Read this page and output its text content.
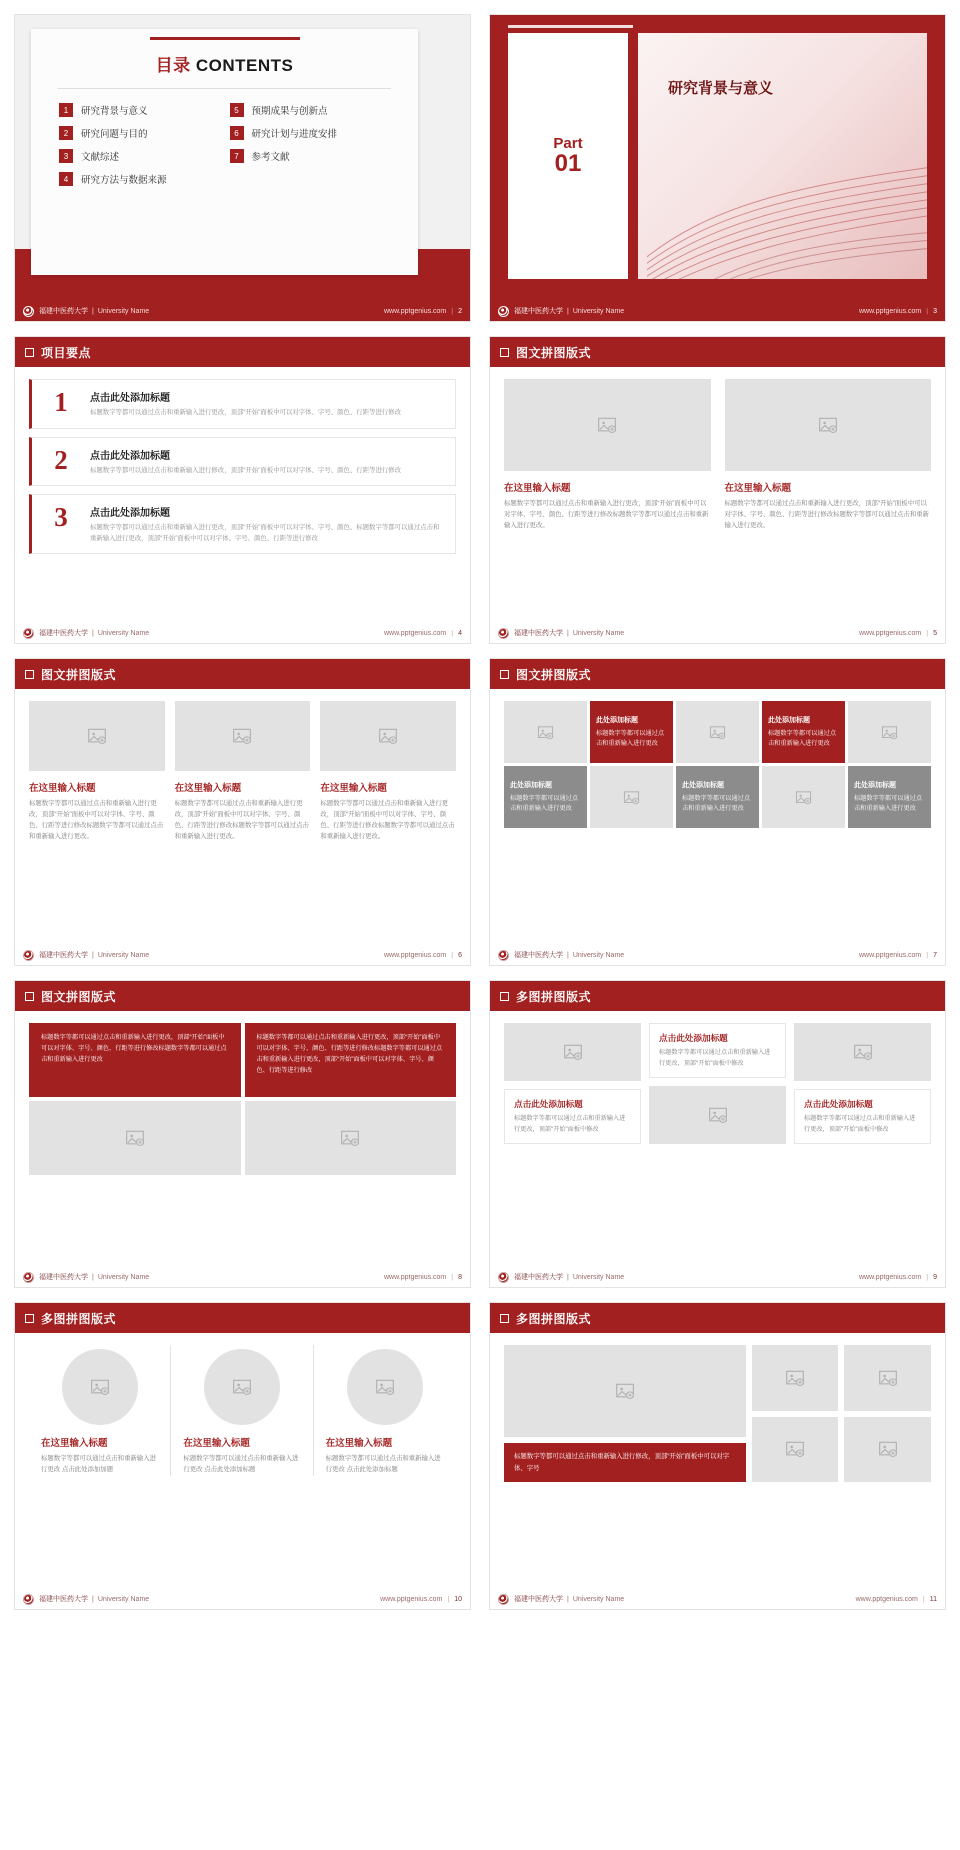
目录 CONTENTS
1	研究背景与意义	5	预期成果与创新点
2	研究问题与目的	6	研究计划与进度安排
3	文献综述	7	参考文献
4	研究方法与数据来源
福建中医药大学 | University Name	www.pptgenius.com | 2
Part
01
研究背景与意义
福建中医药大学 | University Name	www.pptgenius.com | 3
项目要点
1	点击此处添加标题

标题数字等都可以通过点击和重新输入进行更改，顶部“开始”面板中可以对字体、字号、颜色、行距等进行修改

2	点击此处添加标题

标题数字等都可以通过点击和重新输入进行修改，顶部“开始”面板中可以对字体、字号、颜色、行距等进行修改

3	点击此处添加标题

标题数字等都可以通过点击和重新输入进行更改，顶部“开始”面板中可以对字体、字号、颜色、标题数字等都可以通过点击和重新输入进行更改，顶部“开始”面板中可以对字体、字号、颜色、行距等进行修改

福建中医药大学 | University Name	www.pptgenius.com | 4
图文拼图版式
在这里输入标题
标题数字等都可以通过点击和重新输入进行更改，顶部“开始”面板中可以对字体、字号、颜色、行距等进行修改标题数字等都可以通过点击和重新输入进行更改。
在这里输入标题
标题数字等都可以通过点击和重新输入进行更改，顶部“开始”面板中可以对字体、字号、颜色、行距等进行修改标题数字等都可以通过点击和重新输入进行更改。
福建中医药大学 | University Name	www.pptgenius.com | 5
图文拼图版式
在这里输入标题
标题数字等都可以通过点击和重新输入进行更改，顶部“开始”面板中可以对字体、字号、颜色、行距等进行修改标题数字等都可以通过点击和重新输入进行更改。
在这里输入标题
标题数字等都可以通过点击和重新输入进行更改，顶部“开始”面板中可以对字体、字号、颜色、行距等进行修改标题数字等都可以通过点击和重新输入进行更改。
在这里输入标题
标题数字等都可以通过点击和重新输入进行更改，顶部“开始”面板中可以对字体、字号、颜色、行距等进行修改标题数字等都可以通过点击和重新输入进行更改。
福建中医药大学 | University Name	www.pptgenius.com | 6
图文拼图版式
此处添加标题
标题数字等都可以通过点击和重新输入进行更改
此处添加标题
标题数字等都可以通过点击和重新输入进行更改
此处添加标题
标题数字等都可以通过点击和重新输入进行更改
此处添加标题
标题数字等都可以通过点击和重新输入进行更改
此处添加标题
标题数字等都可以通过点击和重新输入进行更改
福建中医药大学 | University Name	www.pptgenius.com | 7
图文拼图版式
标题数字等都可以通过点击和重新输入进行更改，顶部“开始”面板中可以对字体、字号、颜色、行距等进行修改标题数字等都可以通过点击和重新输入进行更改
标题数字等都可以通过点击和重新输入进行更改，顶部“开始”面板中可以对字体、字号、颜色、行距等进行修改标题数字等都可以通过点击和重新输入进行更改，顶部“开始”面板中可以对字体、字号、颜色、行距等进行修改
福建中医药大学 | University Name	www.pptgenius.com | 8
多图拼图版式
点击此处添加标题

标题数字等都可以通过点击和重新输入进行更改，顶部“开始”面板中修改

点击此处添加标题

标题数字等都可以通过点击和重新输入进行更改，顶部“开始”面板中修改

点击此处添加标题

标题数字等都可以通过点击和重新输入进行更改，顶部“开始”面板中修改

福建中医药大学 | University Name	www.pptgenius.com | 9
多图拼图版式
在这里输入标题
标题数字等都可以通过点击和重新输入进行更改 点击此处添加加题
在这里输入标题
标题数字等都可以通过点击和重新输入进行更改 点击此处添加标题
在这里输入标题
标题数字等都可以通过点击和重新输入进行更改 点击此处添加标题
福建中医药大学 | University Name	www.pptgenius.com | 10
多图拼图版式
标题数字等都可以通过点击和重新输入进行修改，顶部“开始”面板中可以对字体、字号
福建中医药大学 | University Name	www.pptgenius.com | 11
